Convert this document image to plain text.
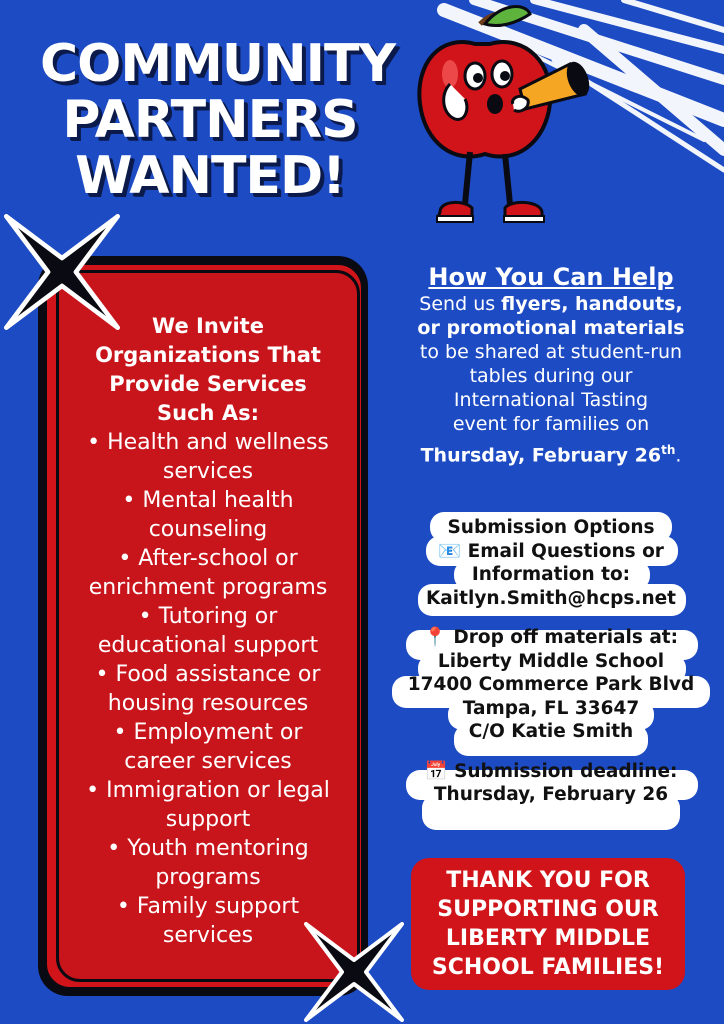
COMMUNITY
PARTNERS
WANTED!
We Invite
Organizations That
Provide Services
Such As:
• Health and wellness
services
• Mental health
counseling
• After-school or
enrichment programs
• Tutoring or
educational support
• Food assistance or
housing resources
• Employment or
career services
• Immigration or legal
support
• Youth mentoring
programs
• Family support
services
How You Can Help
Send us flyers, handouts,
or promotional materials
to be shared at student-run
tables during our
International Tasting
event for families on
Thursday, February 26th.
Submission Options
📧 Email Questions or
Information to:
Kaitlyn.Smith@hcps.net
📍 Drop off materials at:
Liberty Middle School
17400 Commerce Park Blvd
Tampa, FL 33647
C/O Katie Smith
📅 Submission deadline:
Thursday, February 26
THANK YOU FOR
SUPPORTING OUR
LIBERTY MIDDLE
SCHOOL FAMILIES!
